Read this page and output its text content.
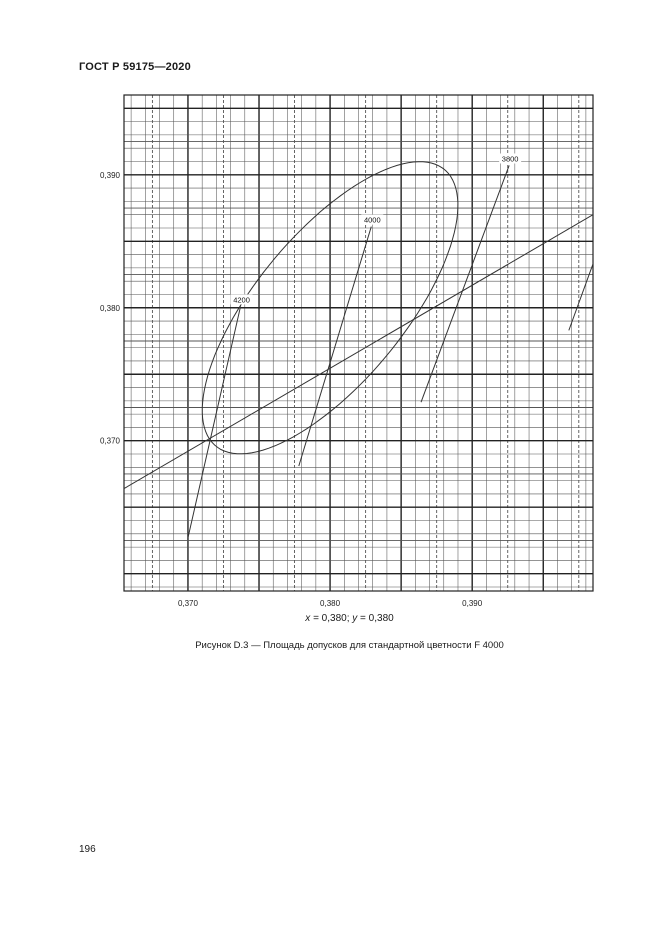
ГОСТ Р 59175—2020
4200
4000
3800
0,370	0,380	0,390
0,370
0,380
0,390
x = 0,380; y = 0,380
Рисунок D.3 — Площадь допусков для стандартной цветности F 4000
196
